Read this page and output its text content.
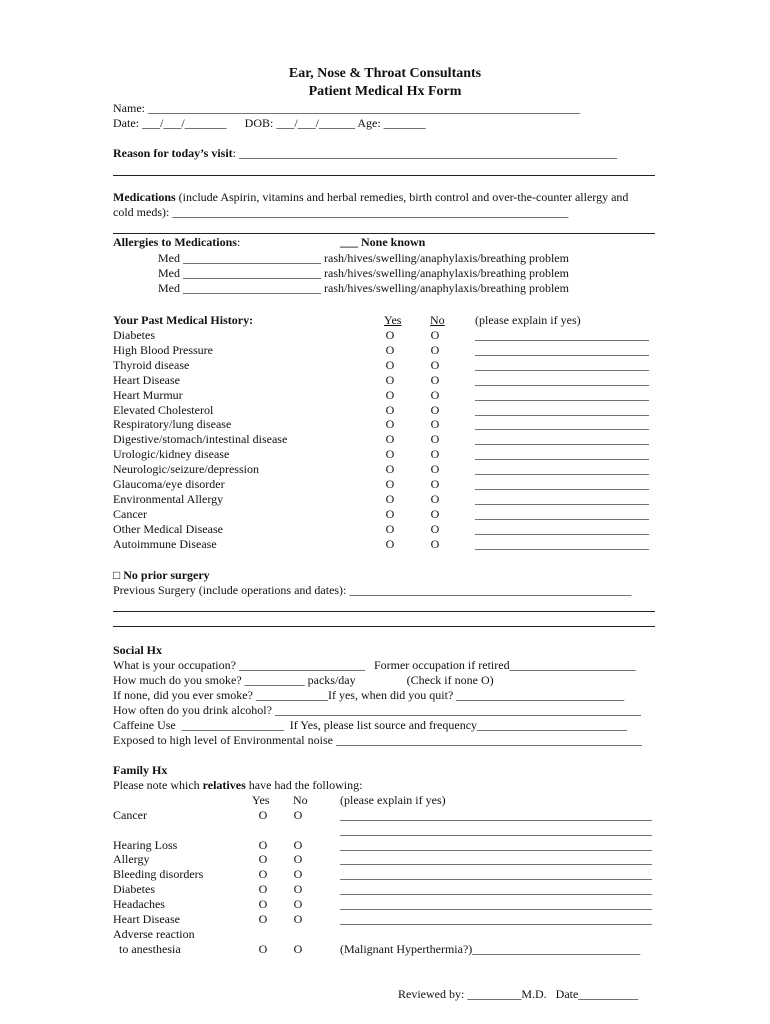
Ear, Nose & Throat Consultants
Patient Medical Hx Form
Name: ________________________________________________________________________
Date: ___/___/_______      DOB: ___/___/______ Age: _______
Reason for today’s visit: _______________________________________________________________
Medications (include Aspirin, vitamins and herbal remedies, birth control and over-the-counter allergy and
cold meds): __________________________________________________________________
Allergies to Medications:	___ None known
Med _______________________ rash/hives/swelling/anaphylaxis/breathing problem
Med _______________________ rash/hives/swelling/anaphylaxis/breathing problem
Med _______________________ rash/hives/swelling/anaphylaxis/breathing problem
Your Past Medical History:	Yes No	(please explain if yes)
Diabetes	O	O	_____________________________
High Blood Pressure	O	O	_____________________________
Thyroid disease	O	O	_____________________________
Heart Disease	O	O	_____________________________
Heart Murmur	O	O	_____________________________
Elevated Cholesterol	O	O	_____________________________
Respiratory/lung disease	O	O	_____________________________
Digestive/stomach/intestinal disease	O	O	_____________________________
Urologic/kidney disease	O	O	_____________________________
Neurologic/seizure/depression	O	O	_____________________________
Glaucoma/eye disorder	O	O	_____________________________
Environmental Allergy	O	O	_____________________________
Cancer	O	O	_____________________________
Other Medical Disease	O	O	_____________________________
Autoimmune Disease	O	O	_____________________________
□ No prior surgery
Previous Surgery (include operations and dates): _______________________________________________
Social Hx
What is your occupation? _____________________   Former occupation if retired_____________________
How much do you smoke? __________ packs/day                 (Check if none O)
If none, did you ever smoke? ____________If yes, when did you quit? ____________________________
How often do you drink alcohol? _____________________________________________________________
Caffeine Use  _________________  If Yes, please list source and frequency_________________________
Exposed to high level of Environmental noise ___________________________________________________
Family Hx
Please note which relatives have had the following:
Yes No	(please explain if yes)
Cancer	O	O	____________________________________________________
____________________________________________________
Hearing Loss	O	O	____________________________________________________
Allergy	O	O	____________________________________________________
Bleeding disorders	O	O	____________________________________________________
Diabetes	O	O	____________________________________________________
Headaches	O	O	____________________________________________________
Heart Disease	O	O	____________________________________________________
Adverse reaction
to anesthesia	O	O	(Malignant Hyperthermia?)____________________________
Reviewed by: _________M.D.   Date__________
